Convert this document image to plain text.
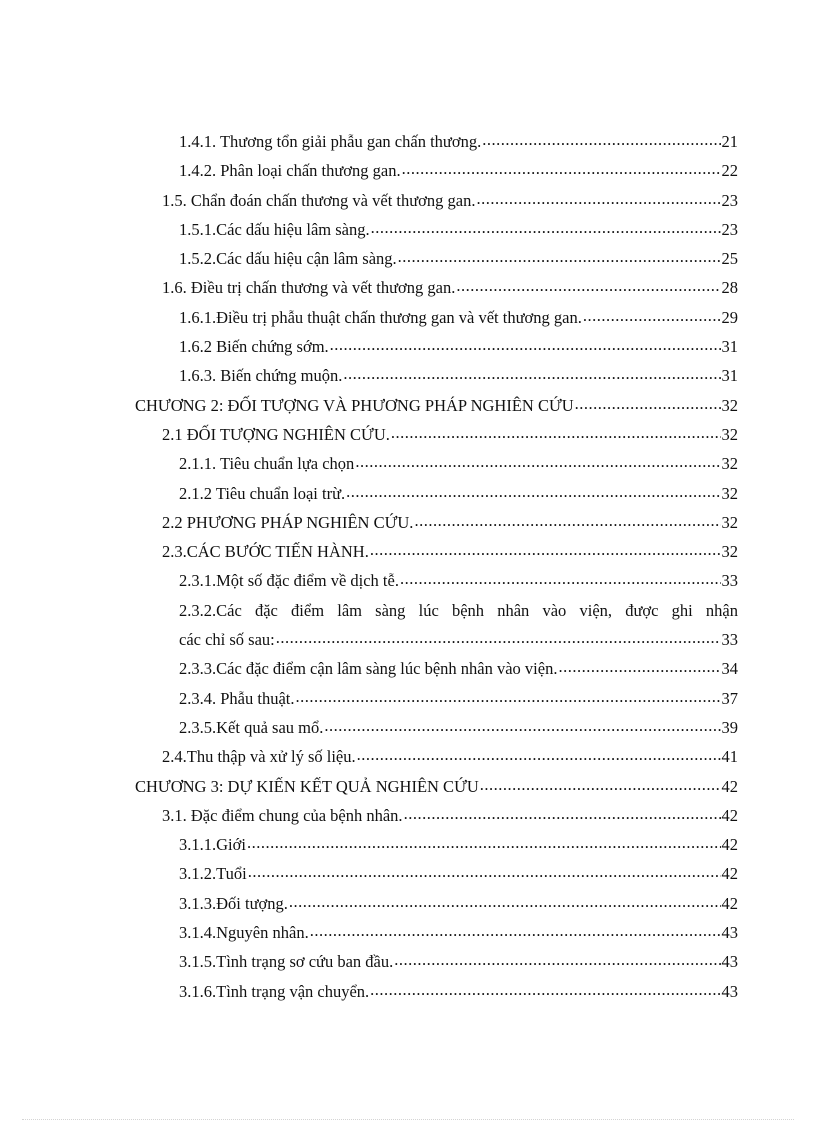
1.4.1. Thương tổn giải phẫu gan chấn thương. .....	21
1.4.2. Phân loại chấn thương gan. .....	22
1.5. Chẩn đoán chấn thương và vết thương gan. .....	23
1.5.1.Các dấu hiệu lâm sàng. .....	23
1.5.2.Các dấu hiệu cận lâm sàng. .....	25
1.6. Điều trị chấn thương và vết thương gan. .....	28
1.6.1.Điều trị phẫu thuật chấn thương gan và vết thương gan. .....	29
1.6.2 Biến chứng sớm. .....	31
1.6.3. Biến chứng muộn. .....	31
CHƯƠNG 2: ĐỐI TƯỢNG VÀ PHƯƠNG PHÁP NGHIÊN CỨU .....	32
2.1 ĐỐI TƯỢNG NGHIÊN CỨU. .....	32
2.1.1. Tiêu chuẩn lựa chọn .....	32
2.1.2 Tiêu chuẩn loại trừ. .....	32
2.2 PHƯƠNG PHÁP NGHIÊN CỨU. .....	32
2.3.CÁC BƯỚC TIẾN HÀNH. .....	32
2.3.1.Một số đặc điểm về dịch tễ. .....	33
2.3.2.Các đặc điểm lâm sàng lúc bệnh nhân vào viện, được ghi nhận
các chỉ số sau: .....	33
2.3.3.Các đặc điểm cận lâm sàng lúc bệnh nhân vào viện. .....	34
2.3.4. Phẫu thuật. .....	37
2.3.5.Kết quả sau mổ. .....	39
2.4.Thu thập và xử lý số liệu. .....	41
CHƯƠNG 3: DỰ KIẾN KẾT QUẢ NGHIÊN CỨU .....	42
3.1. Đặc điểm chung của bệnh nhân. .....	42
3.1.1.Giới .....	42
3.1.2.Tuổi .....	42
3.1.3.Đối tượng. .....	42
3.1.4.Nguyên nhân. .....	43
3.1.5.Tình trạng sơ cứu ban đầu. .....	43
3.1.6.Tình trạng vận chuyển. .....	43
